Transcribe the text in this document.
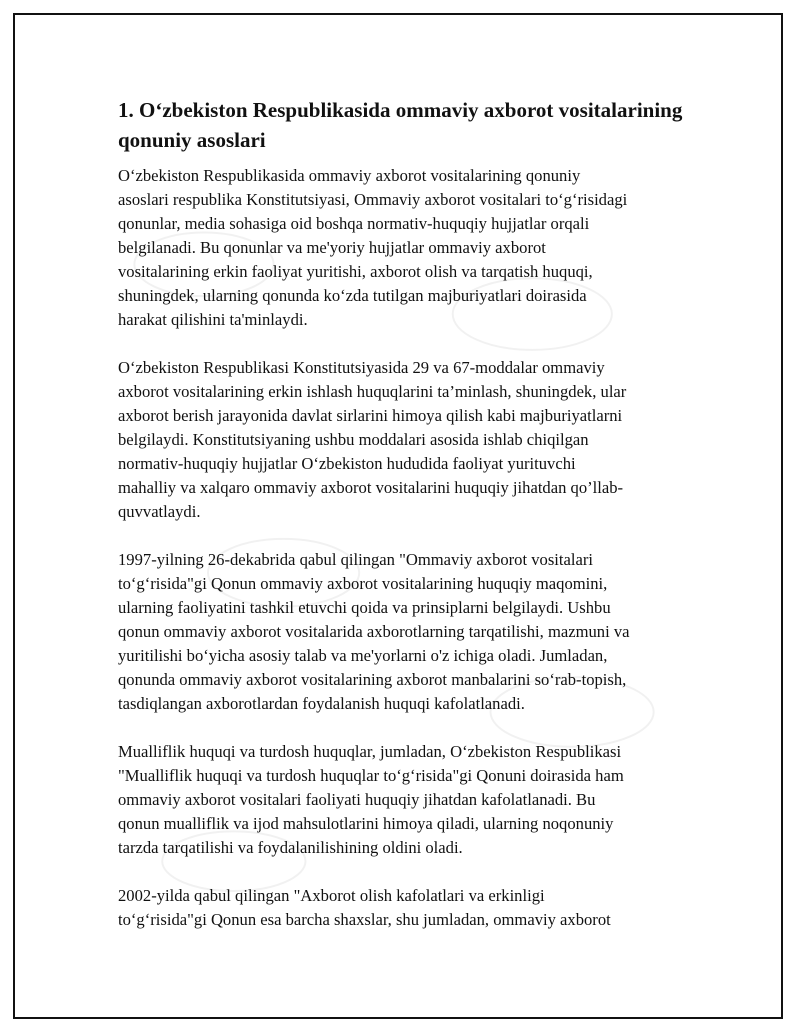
1. O‘zbekiston Respublikasida ommaviy axborot vositalarining
qonuniy asoslari
O‘zbekiston Respublikasida ommaviy axborot vositalarining qonuniy
asoslari respublika Konstitutsiyasi, Ommaviy axborot vositalari to‘g‘risidagi
qonunlar, media sohasiga oid boshqa normativ-huquqiy hujjatlar orqali
belgilanadi. Bu qonunlar va me'yoriy hujjatlar ommaviy axborot
vositalarining erkin faoliyat yuritishi, axborot olish va tarqatish huquqi,
shuningdek, ularning qonunda ko‘zda tutilgan majburiyatlari doirasida
harakat qilishini ta'minlaydi.
O‘zbekiston Respublikasi Konstitutsiyasida 29 va 67-moddalar ommaviy
axborot vositalarining erkin ishlash huquqlarini ta’minlash, shuningdek, ular
axborot berish jarayonida davlat sirlarini himoya qilish kabi majburiyatlarni
belgilaydi. Konstitutsiyaning ushbu moddalari asosida ishlab chiqilgan
normativ-huquqiy hujjatlar O‘zbekiston hududida faoliyat yurituvchi
mahalliy va xalqaro ommaviy axborot vositalarini huquqiy jihatdan qo’llab-
quvvatlaydi.
1997-yilning 26-dekabrida qabul qilingan "Ommaviy axborot vositalari
to‘g‘risida"gi Qonun ommaviy axborot vositalarining huquqiy maqomini,
ularning faoliyatini tashkil etuvchi qoida va prinsiplarni belgilaydi. Ushbu
qonun ommaviy axborot vositalarida axborotlarning tarqatilishi, mazmuni va
yuritilishi bo‘yicha asosiy talab va me'yorlarni o'z ichiga oladi. Jumladan,
qonunda ommaviy axborot vositalarining axborot manbalarini so‘rab-topish,
tasdiqlangan axborotlardan foydalanish huquqi kafolatlanadi.
Mualliflik huquqi va turdosh huquqlar, jumladan, O‘zbekiston Respublikasi
"Mualliflik huquqi va turdosh huquqlar to‘g‘risida"gi Qonuni doirasida ham
ommaviy axborot vositalari faoliyati huquqiy jihatdan kafolatlanadi. Bu
qonun mualliflik va ijod mahsulotlarini himoya qiladi, ularning noqonuniy
tarzda tarqatilishi va foydalanilishining oldini oladi.
2002-yilda qabul qilingan "Axborot olish kafolatlari va erkinligi
to‘g‘risida"gi Qonun esa barcha shaxslar, shu jumladan, ommaviy axborot
